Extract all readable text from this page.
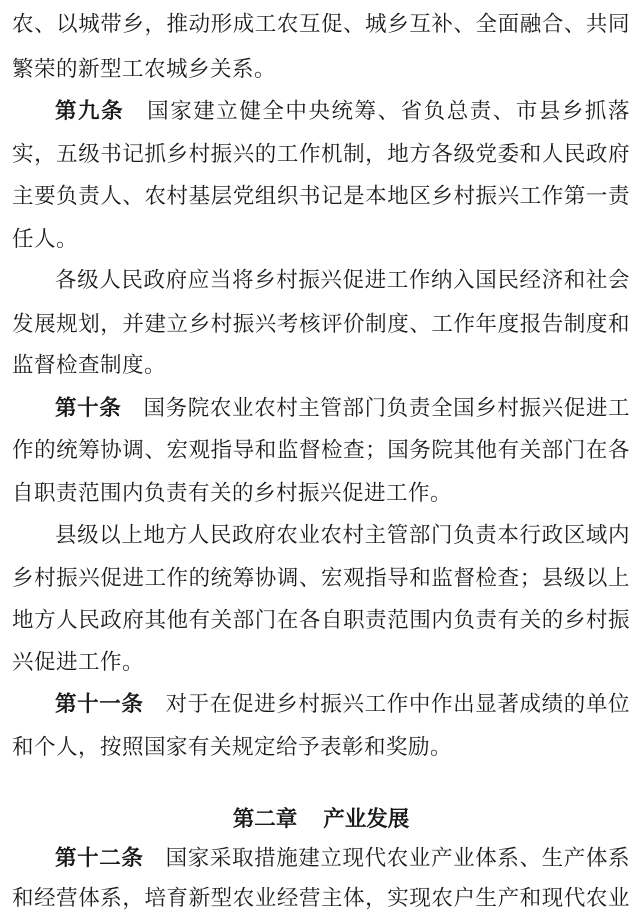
农、以城带乡，推动形成工农互促、城乡互补、全面融合、共同
繁荣的新型工农城乡关系。
第九条 国家建立健全中央统筹、省负总责、市县乡抓落
实，五级书记抓乡村振兴的工作机制，地方各级党委和人民政府
主要负责人、农村基层党组织书记是本地区乡村振兴工作第一责
任人。
各级人民政府应当将乡村振兴促进工作纳入国民经济和社会
发展规划，并建立乡村振兴考核评价制度、工作年度报告制度和
监督检查制度。
第十条 国务院农业农村主管部门负责全国乡村振兴促进工
作的统筹协调、宏观指导和监督检查；国务院其他有关部门在各
自职责范围内负责有关的乡村振兴促进工作。
县级以上地方人民政府农业农村主管部门负责本行政区域内
乡村振兴促进工作的统筹协调、宏观指导和监督检查；县级以上
地方人民政府其他有关部门在各自职责范围内负责有关的乡村振
兴促进工作。
第十一条 对于在促进乡村振兴工作中作出显著成绩的单位
和个人，按照国家有关规定给予表彰和奖励。
第二章 产业发展
第十二条 国家采取措施建立现代农业产业体系、生产体系
和经营体系，培育新型农业经营主体，实现农户生产和现代农业
